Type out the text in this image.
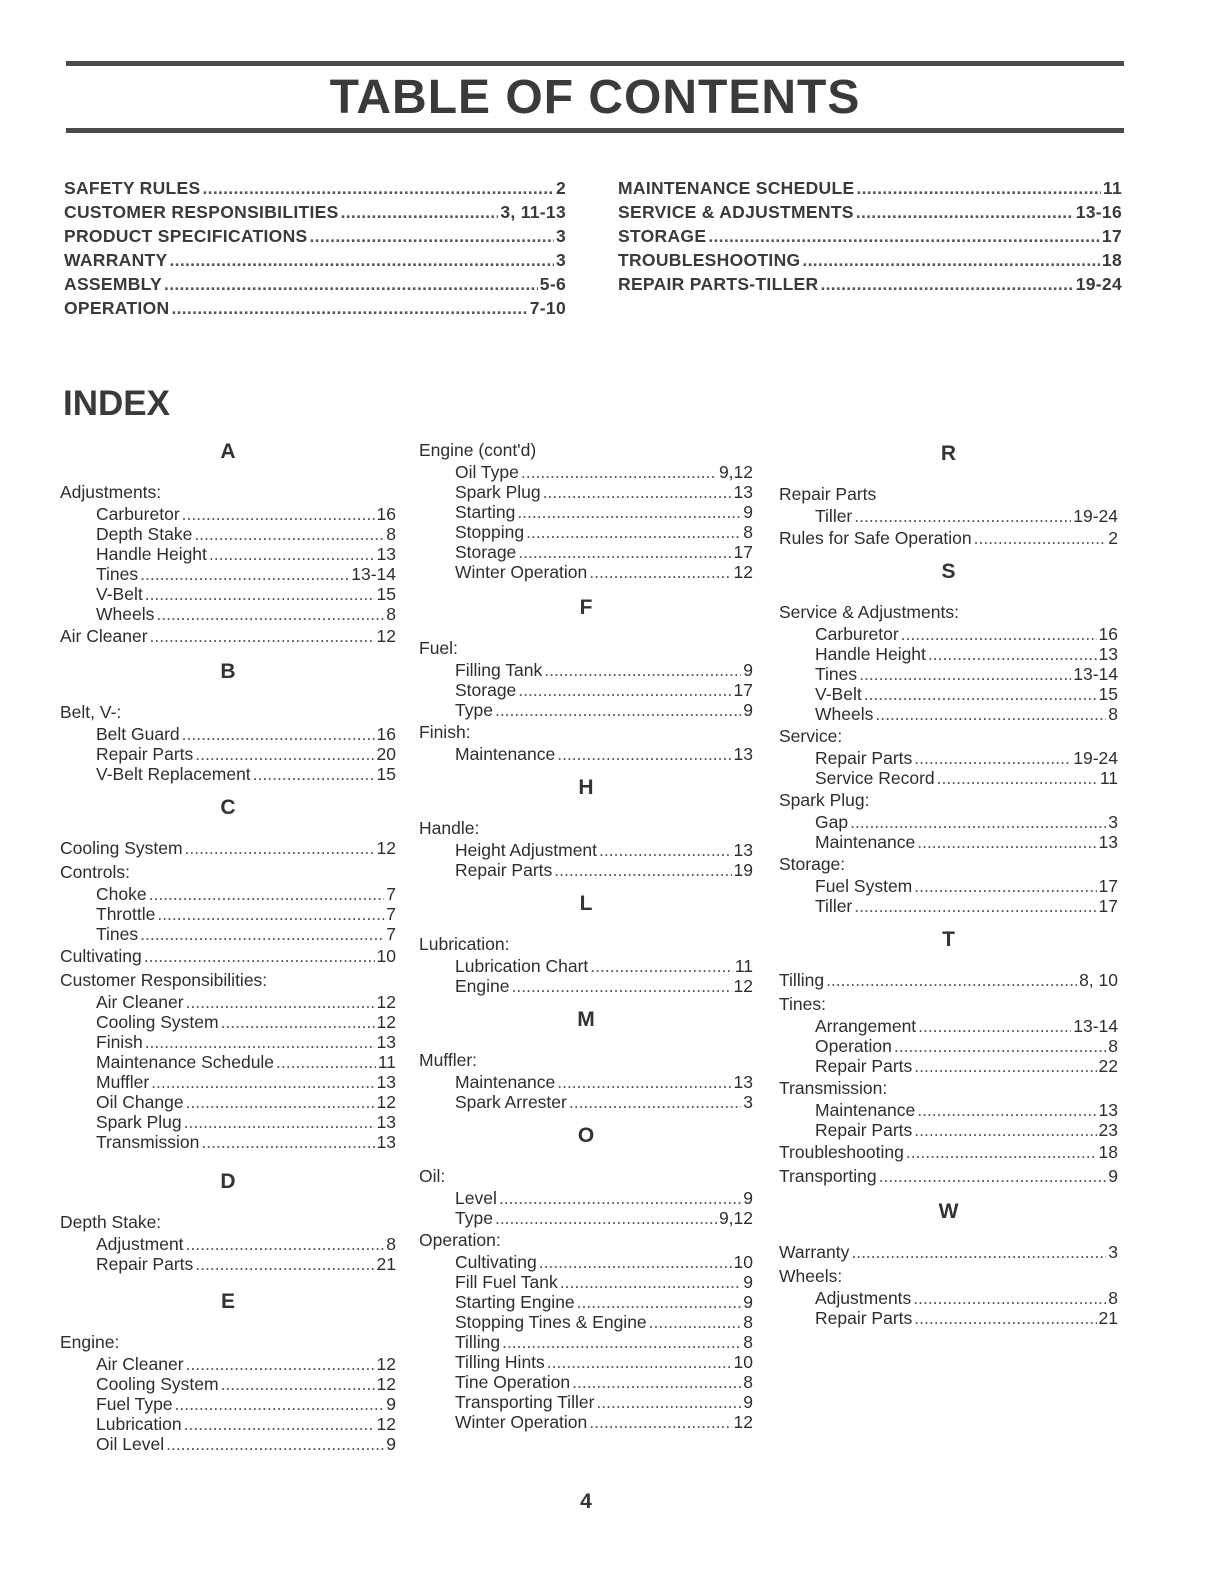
TABLE OF CONTENTS
SAFETY RULES .....	2
CUSTOMER RESPONSIBILITIES .....	3, 11-13
PRODUCT SPECIFICATIONS .....	3
WARRANTY .....	3
ASSEMBLY .....	5-6
OPERATION .....	7-10
MAINTENANCE SCHEDULE .....	11
SERVICE & ADJUSTMENTS .....	13-16
STORAGE .....	17
TROUBLESHOOTING .....	18
REPAIR PARTS-TILLER .....	19-24
INDEX
A
Adjustments:
Carburetor .....	16
Depth Stake .....	8
Handle Height .....	13
Tines .....	13-14
V-Belt .....	15
Wheels .....	8
Air Cleaner .....	12
B
Belt, V-:
Belt Guard .....	16
Repair Parts .....	20
V-Belt Replacement .....	15
C
Cooling System .....	12
Controls:
Choke .....	7
Throttle .....	7
Tines .....	7
Cultivating .....	10
Customer Responsibilities:
Air Cleaner .....	12
Cooling System .....	12
Finish .....	13
Maintenance Schedule .....	11
Muffler .....	13
Oil Change .....	12
Spark Plug .....	13
Transmission .....	13
D
Depth Stake:
Adjustment .....	8
Repair Parts .....	21
E
Engine:
Air Cleaner .....	12
Cooling System .....	12
Fuel Type .....	9
Lubrication .....	12
Oil Level .....	9
Engine (cont'd)
Oil Type .....	9,12
Spark Plug .....	13
Starting .....	9
Stopping .....	8
Storage .....	17
Winter Operation .....	12
F
Fuel:
Filling Tank .....	9
Storage .....	17
Type .....	9
Finish:
Maintenance .....	13
H
Handle:
Height Adjustment .....	13
Repair Parts .....	19
L
Lubrication:
Lubrication Chart .....	11
Engine .....	12
M
Muffler:
Maintenance .....	13
Spark Arrester .....	3
O
Oil:
Level .....	9
Type .....	9,12
Operation:
Cultivating .....	10
Fill Fuel Tank .....	9
Starting Engine .....	9
Stopping Tines & Engine .....	8
Tilling .....	8
Tilling Hints .....	10
Tine Operation .....	8
Transporting Tiller .....	9
Winter Operation .....	12
R
Repair Parts
Tiller .....	19-24
Rules for Safe Operation .....	2
S
Service & Adjustments:
Carburetor .....	16
Handle Height .....	13
Tines .....	13-14
V-Belt .....	15
Wheels .....	8
Service:
Repair Parts .....	19-24
Service Record .....	11
Spark Plug:
Gap .....	3
Maintenance .....	13
Storage:
Fuel System .....	17
Tiller .....	17
T
Tilling .....	8, 10
Tines:
Arrangement .....	13-14
Operation .....	8
Repair Parts .....	22
Transmission:
Maintenance .....	13
Repair Parts .....	23
Troubleshooting .....	18
Transporting .....	9
W
Warranty .....	3
Wheels:
Adjustments .....	8
Repair Parts .....	21
4
